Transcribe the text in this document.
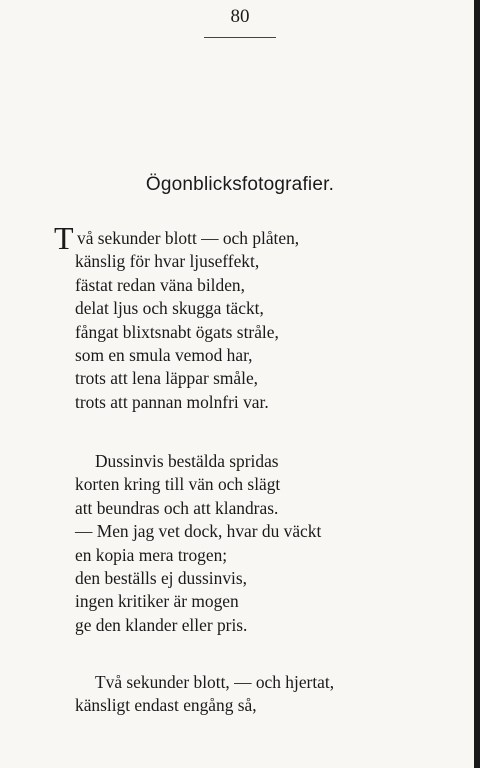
80
Ögonblicksfotografier.
T vå sekunder blott — och plåten,
känslig för hvar ljuseffekt,
fästat redan väna bilden,
delat ljus och skugga täckt,
fångat blixtsnabt ögats stråle,
som en smula vemod har,
trots att lena läppar småle,
trots att pannan molnfri var.
Dussinvis bestälda spridas
korten kring till vän och slägt
att beundras och att klandras.
— Men jag vet dock, hvar du väckt
en kopia mera trogen;
den beställs ej dussinvis,
ingen kritiker är mogen
ge den klander eller pris.
Två sekunder blott, — och hjertat,
känsligt endast engång så,
